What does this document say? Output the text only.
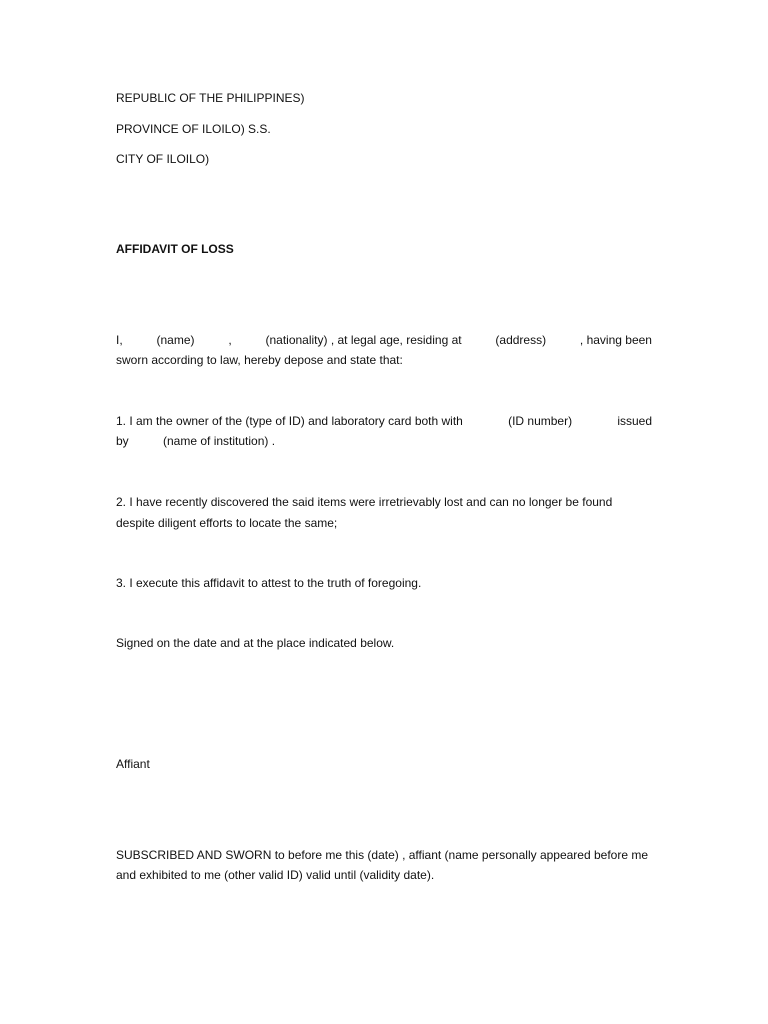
REPUBLIC OF THE PHILIPPINES)
PROVINCE OF ILOILO) S.S.
CITY OF ILOILO)
AFFIDAVIT OF LOSS
I,	(name)	,	(nationality) , at legal age, residing at	(address)	, having been
sworn according to law, hereby depose and state that:
1. I am the owner of the (type of ID) and laboratory card both with	(ID number)	issued
by	(name of institution) .
2. I have recently discovered the said items were irretrievably lost and can no longer be found
despite diligent efforts to locate the same;
3. I execute this affidavit to attest to the truth of foregoing.
Signed on the date and at the place indicated below.
Affiant
SUBSCRIBED AND SWORN to before me this (date) , affiant (name personally appeared before me
and exhibited to me (other valid ID) valid until (validity date).
